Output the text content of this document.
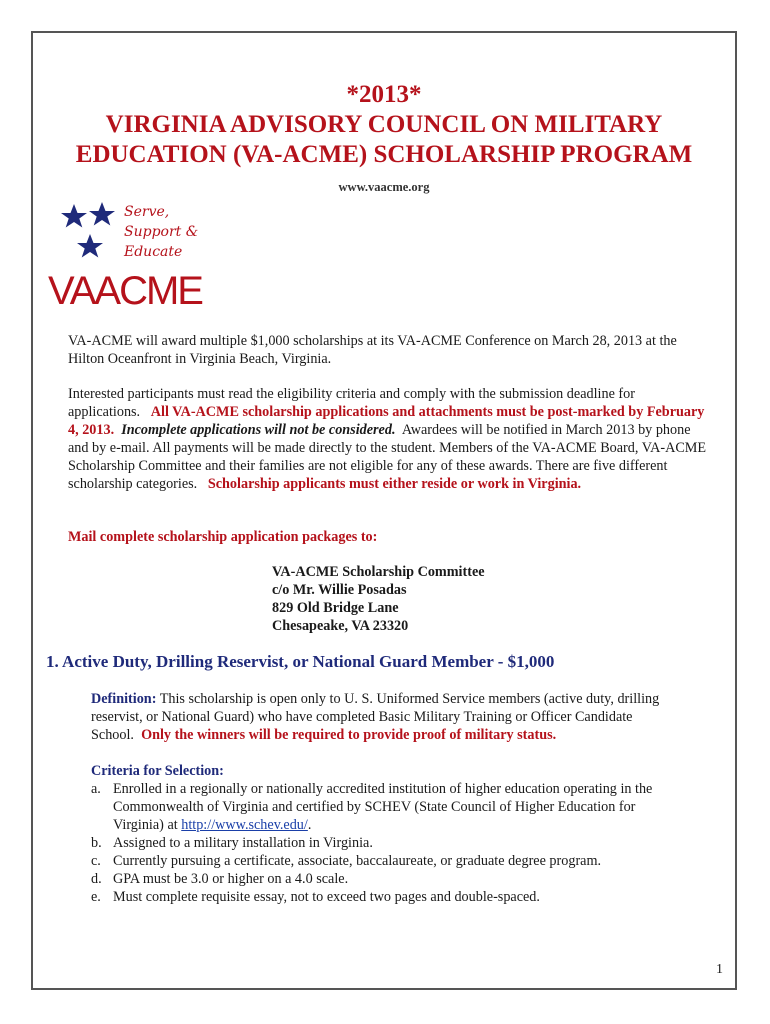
*2013*
VIRGINIA ADVISORY COUNCIL ON MILITARY
EDUCATION (VA-ACME) SCHOLARSHIP PROGRAM
www.vaacme.org
Serve,
Support &
Educate
VAACME
VA-ACME will award multiple $1,000 scholarships at its VA-ACME Conference on March 28, 2013 at the Hilton Oceanfront in Virginia Beach, Virginia.
Interested participants must read the eligibility criteria and comply with the submission deadline for applications. All VA-ACME scholarship applications and attachments must be post-marked by February 4, 2013. Incomplete applications will not be considered. Awardees will be notified in March 2013 by phone and by e-mail. All payments will be made directly to the student. Members of the VA-ACME Board, VA-ACME Scholarship Committee and their families are not eligible for any of these awards. There are five different scholarship categories. Scholarship applicants must either reside or work in Virginia.
Mail complete scholarship application packages to:
VA-ACME Scholarship Committee
c/o Mr. Willie Posadas
829 Old Bridge Lane
Chesapeake, VA 23320
1. Active Duty, Drilling Reservist, or National Guard Member - $1,000
Definition: This scholarship is open only to U. S. Uniformed Service members (active duty, drilling reservist, or National Guard) who have completed Basic Military Training or Officer Candidate School. Only the winners will be required to provide proof of military status.
Criteria for Selection:
a. Enrolled in a regionally or nationally accredited institution of higher education operating in the Commonwealth of Virginia and certified by SCHEV (State Council of Higher Education for Virginia) at http://www.schev.edu/.
b. Assigned to a military installation in Virginia.
c. Currently pursuing a certificate, associate, baccalaureate, or graduate degree program.
d. GPA must be 3.0 or higher on a 4.0 scale.
e. Must complete requisite essay, not to exceed two pages and double-spaced.
1
